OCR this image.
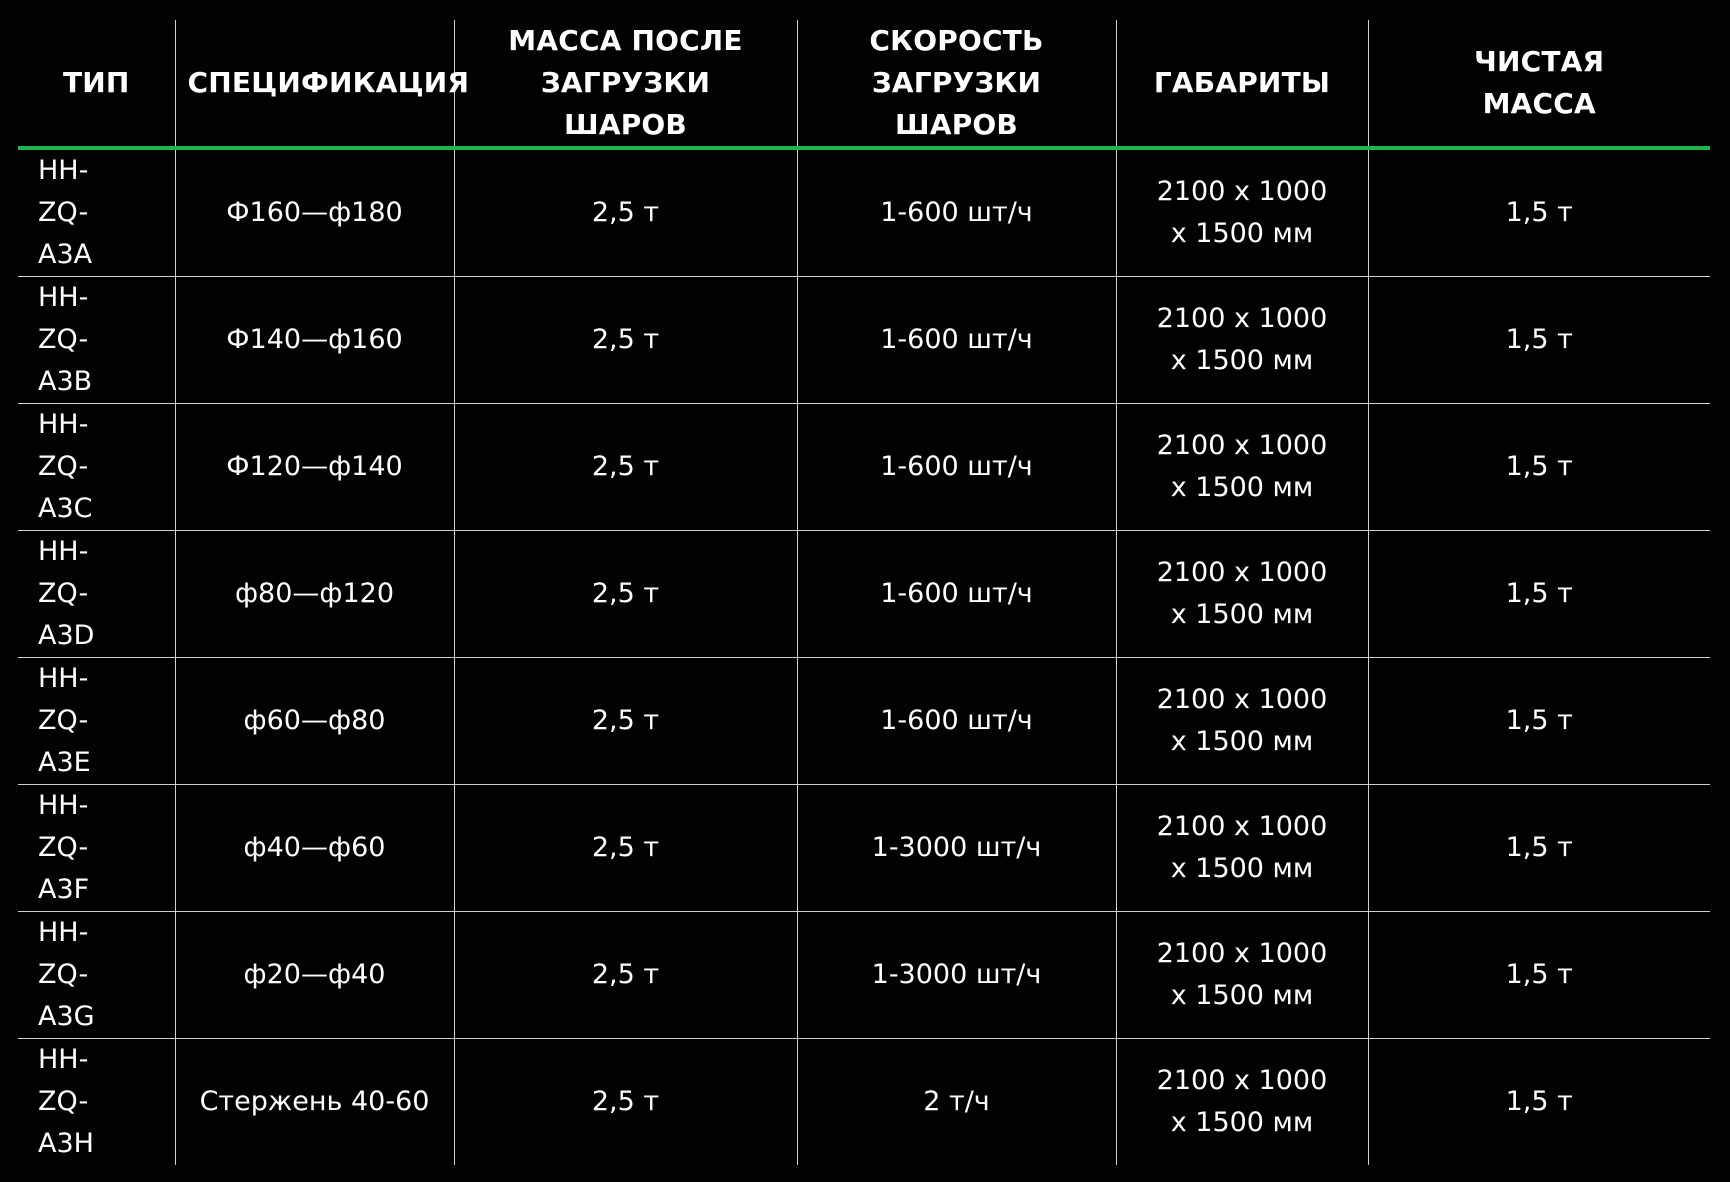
ТИП	СПЕЦИФИКАЦИЯ	МАССА ПОСЛЕ ЗАГРУЗКИ ШАРОВ	СКОРОСТЬ ЗАГРУЗКИ ШАРОВ	ГАБАРИТЫ	ЧИСТАЯ МАССА
HH-ZQ-A3A	Ф160—ф180	2,5 т	1-600 шт/ч	2100 x 1000 x 1500 мм	1,5 т
HH-ZQ-A3B	Ф140—ф160	2,5 т	1-600 шт/ч	2100 x 1000 x 1500 мм	1,5 т
HH-ZQ-A3C	Ф120—ф140	2,5 т	1-600 шт/ч	2100 x 1000 x 1500 мм	1,5 т
HH-ZQ-A3D	ф80—ф120	2,5 т	1-600 шт/ч	2100 x 1000 x 1500 мм	1,5 т
HH-ZQ-A3E	ф60—ф80	2,5 т	1-600 шт/ч	2100 x 1000 x 1500 мм	1,5 т
HH-ZQ-A3F	ф40—ф60	2,5 т	1-3000 шт/ч	2100 x 1000 x 1500 мм	1,5 т
HH-ZQ-A3G	ф20—ф40	2,5 т	1-3000 шт/ч	2100 x 1000 x 1500 мм	1,5 т
HH-ZQ-A3H	Стержень 40-60	2,5 т	2 т/ч	2100 x 1000 x 1500 мм	1,5 т
